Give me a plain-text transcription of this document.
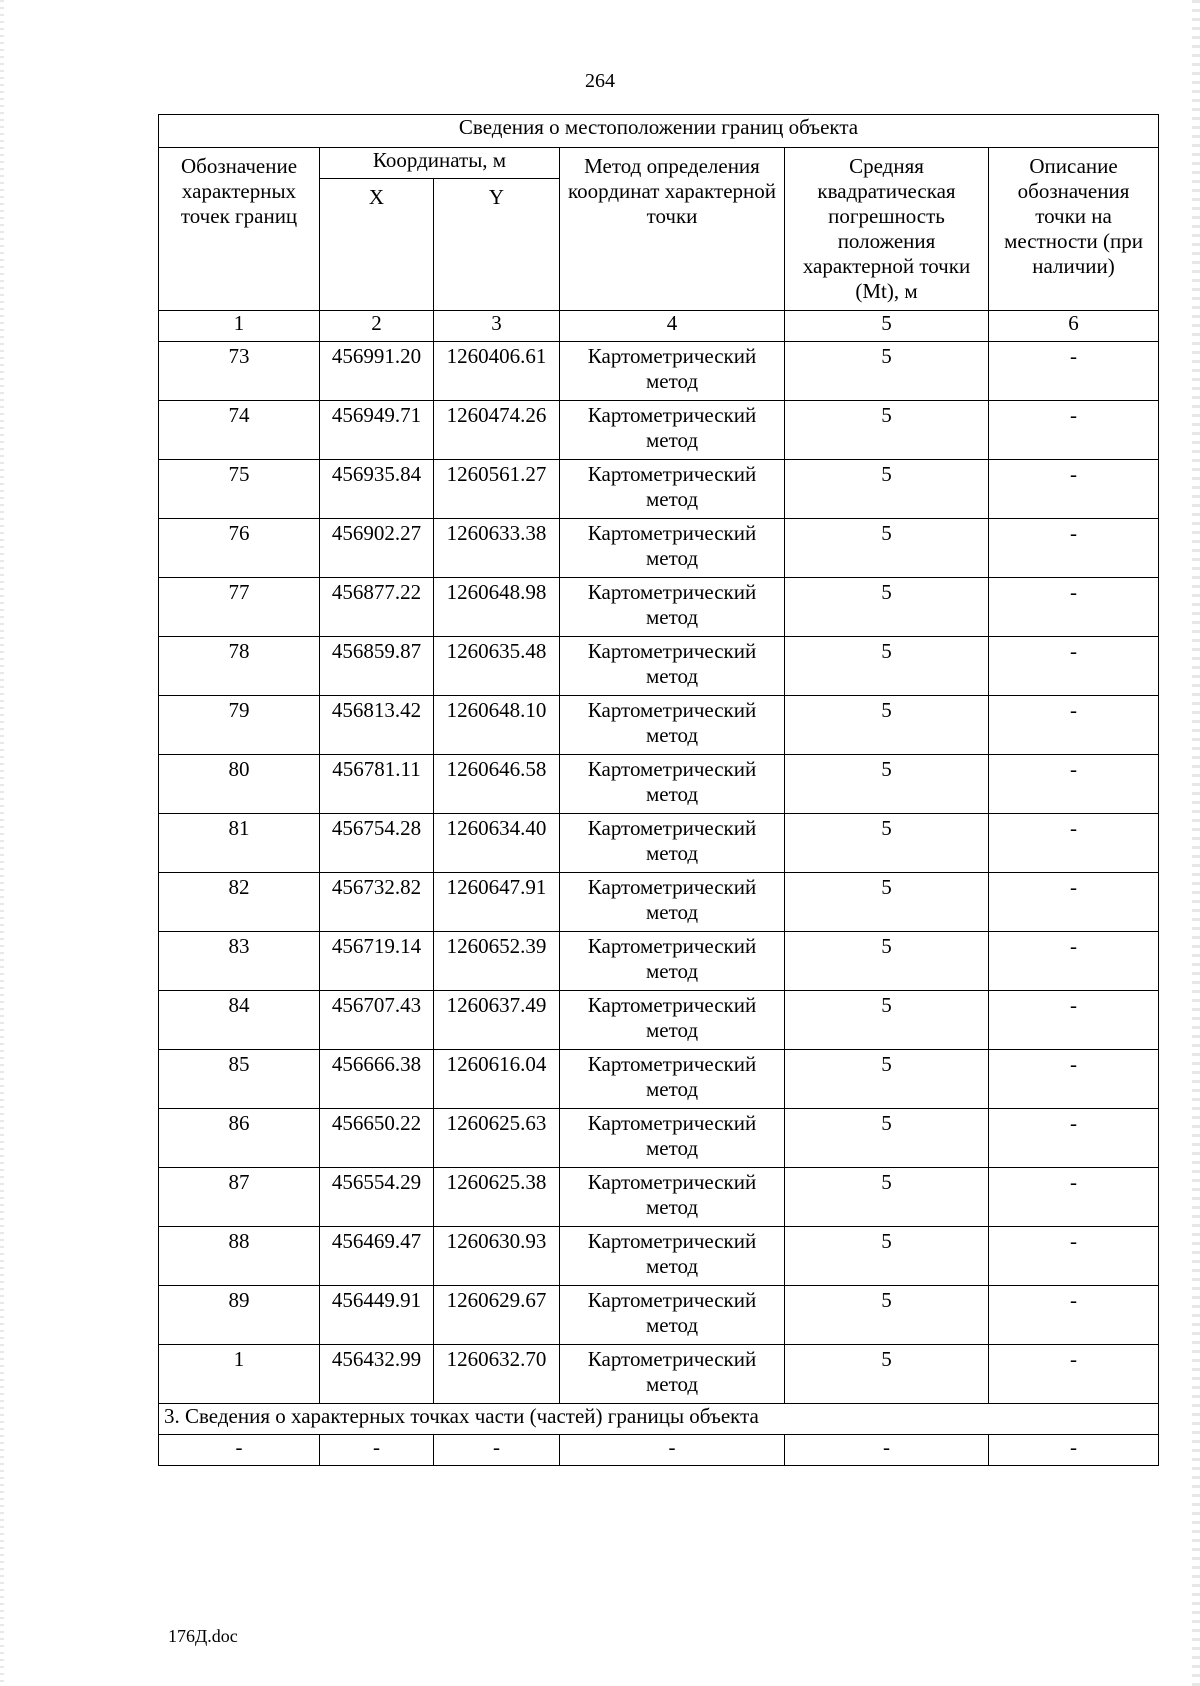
264
Сведения о местоположении границ объекта					
Обозначение характерных точек границ	Координаты, м		Метод определения координат характерной точки	Средняя квадратическая погрешность положения характерной точки (Mt), м	Описание обозначения точки на местности (при наличии)
	X	Y			
1	2	3	4	5	6
73	456991.20	1260406.61	Картометрический метод	5	-
74	456949.71	1260474.26	Картометрический метод	5	-
75	456935.84	1260561.27	Картометрический метод	5	-
76	456902.27	1260633.38	Картометрический метод	5	-
77	456877.22	1260648.98	Картометрический метод	5	-
78	456859.87	1260635.48	Картометрический метод	5	-
79	456813.42	1260648.10	Картометрический метод	5	-
80	456781.11	1260646.58	Картометрический метод	5	-
81	456754.28	1260634.40	Картометрический метод	5	-
82	456732.82	1260647.91	Картометрический метод	5	-
83	456719.14	1260652.39	Картометрический метод	5	-
84	456707.43	1260637.49	Картометрический метод	5	-
85	456666.38	1260616.04	Картометрический метод	5	-
86	456650.22	1260625.63	Картометрический метод	5	-
87	456554.29	1260625.38	Картометрический метод	5	-
88	456469.47	1260630.93	Картометрический метод	5	-
89	456449.91	1260629.67	Картометрический метод	5	-
1	456432.99	1260632.70	Картометрический метод	5	-
3. Сведения о характерных точках части (частей) границы объекта					
-	-	-	-	-	-
176Д.doc
